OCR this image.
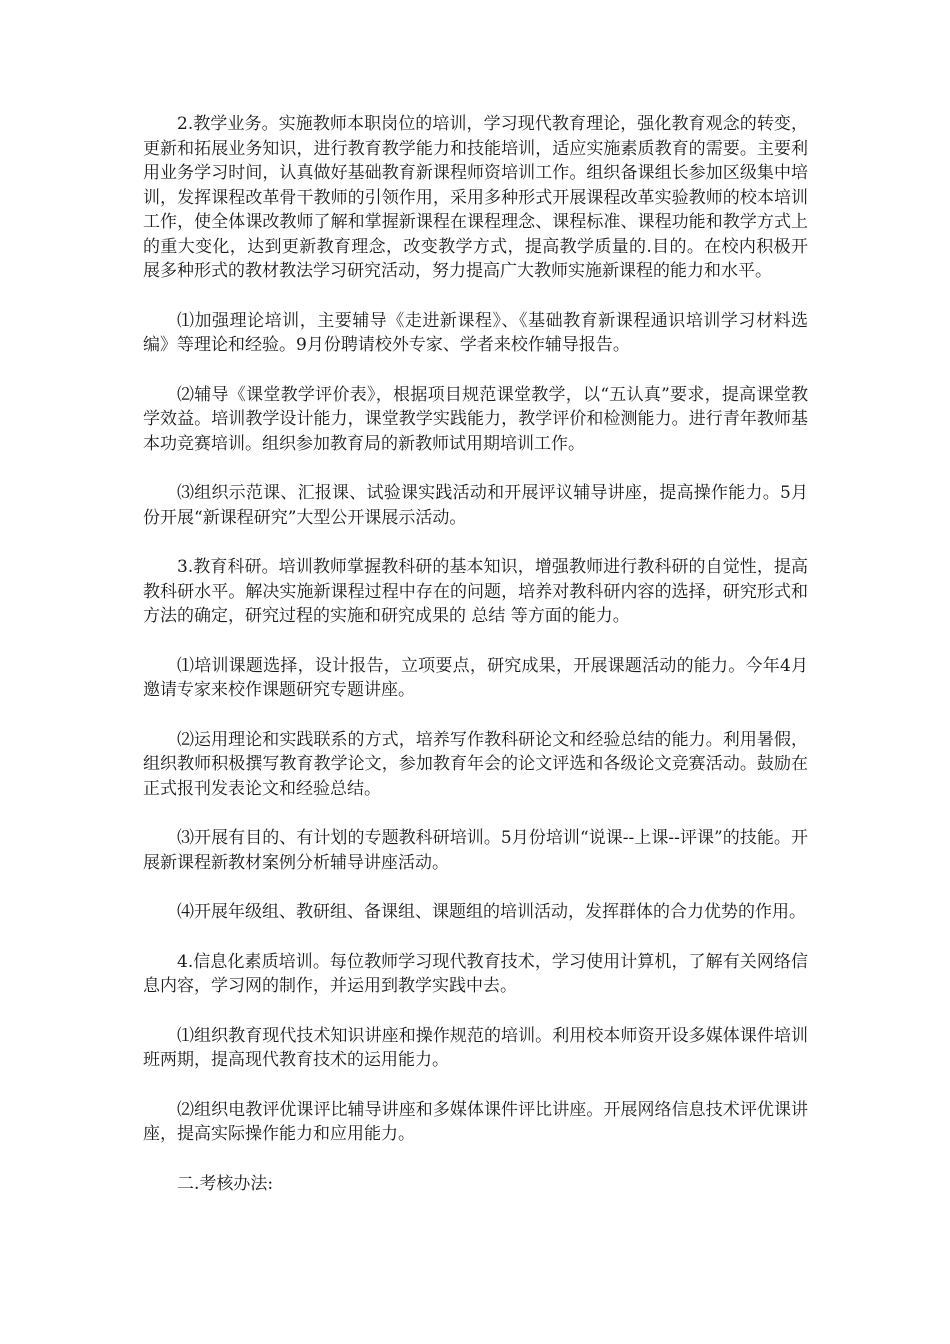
2.教学业务。实施教师本职岗位的培训，学习现代教育理论，强化教育观念的转变，更新和拓展业务知识，进行教育教学能力和技能培训，适应实施素质教育的需要。主要利用业务学习时间，认真做好基础教育新课程师资培训工作。组织备课组长参加区级集中培训，发挥课程改革骨干教师的引领作用，采用多种形式开展课程改革实验教师的校本培训工作，使全体课改教师了解和掌握新课程在课程理念、课程标准、课程功能和教学方式上的重大变化，达到更新教育理念，改变教学方式，提高教学质量的.目的。在校内积极开展多种形式的教材教法学习研究活动，努力提高广大教师实施新课程的能力和水平。

⑴加强理论培训，主要辅导《走进新课程》、《基础教育新课程通识培训学习材料选编》等理论和经验。9月份聘请校外专家、学者来校作辅导报告。

⑵辅导《课堂教学评价表》，根据项目规范课堂教学，以“五认真”要求，提高课堂教学效益。培训教学设计能力，课堂教学实践能力，教学评价和检测能力。进行青年教师基本功竞赛培训。组织参加教育局的新教师试用期培训工作。

⑶组织示范课、汇报课、试验课实践活动和开展评议辅导讲座，提高操作能力。5月份开展“新课程研究”大型公开课展示活动。

3.教育科研。培训教师掌握教科研的基本知识，增强教师进行教科研的自觉性，提高教科研水平。解决实施新课程过程中存在的问题，培养对教科研内容的选择，研究形式和方法的确定，研究过程的实施和研究成果的 总结 等方面的能力。

⑴培训课题选择，设计报告，立项要点，研究成果，开展课题活动的能力。今年4月邀请专家来校作课题研究专题讲座。

⑵运用理论和实践联系的方式，培养写作教科研论文和经验总结的能力。利用暑假，组织教师积极撰写教育教学论文，参加教育年会的论文评选和各级论文竞赛活动。鼓励在正式报刊发表论文和经验总结。

⑶开展有目的、有计划的专题教科研培训。5月份培训“说课--上课--评课”的技能。开展新课程新教材案例分析辅导讲座活动。

⑷开展年级组、教研组、备课组、课题组的培训活动，发挥群体的合力优势的作用。

4.信息化素质培训。每位教师学习现代教育技术，学习使用计算机，了解有关网络信息内容，学习网的制作，并运用到教学实践中去。

⑴组织教育现代技术知识讲座和操作规范的培训。利用校本师资开设多媒体课件培训班两期，提高现代教育技术的运用能力。

⑵组织电教评优课评比辅导讲座和多媒体课件评比讲座。开展网络信息技术评优课讲座，提高实际操作能力和应用能力。

二.考核办法:
